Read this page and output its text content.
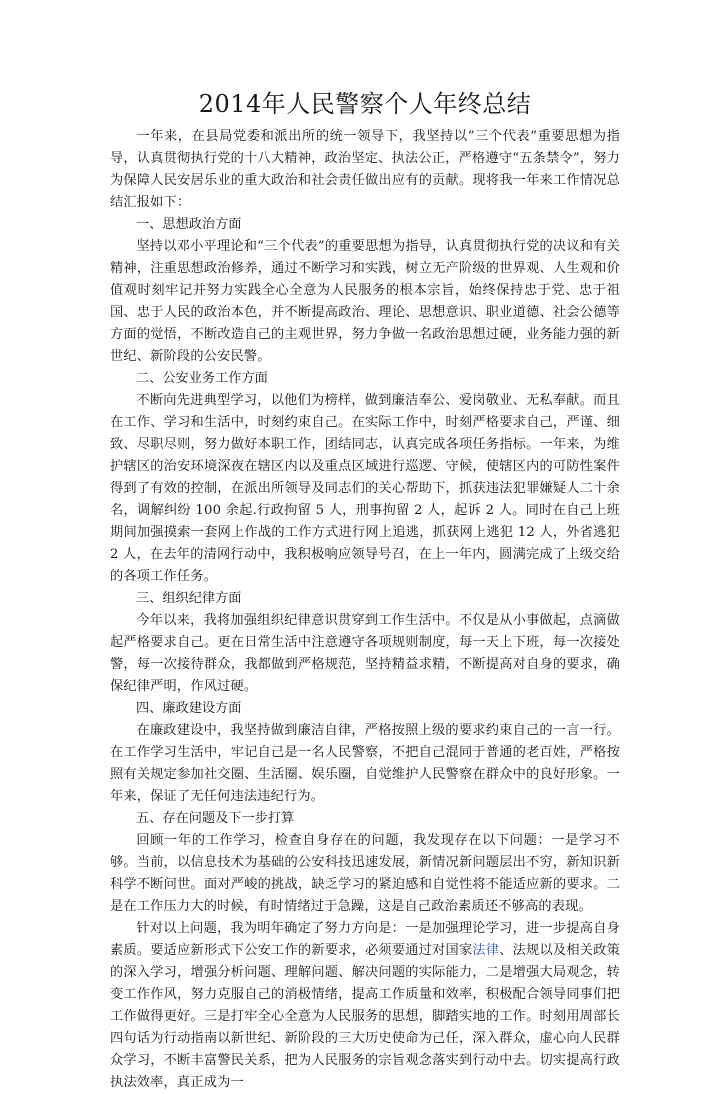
2014年人民警察个人年终总结

一年来，在县局党委和派出所的统一领导下，我坚持以“三个代表”重要思想为指导，认真贯彻执行党的十八大精神，政治坚定、执法公正，严格遵守“五条禁令”，努力为保障人民安居乐业的重大政治和社会责任做出应有的贡献。现将我一年来工作情况总结汇报如下：

一、思想政治方面

坚持以邓小平理论和“三个代表”的重要思想为指导，认真贯彻执行党的决议和有关精神，注重思想政治修养，通过不断学习和实践，树立无产阶级的世界观、人生观和价值观时刻牢记并努力实践全心全意为人民服务的根本宗旨，始终保持忠于党、忠于祖国、忠于人民的政治本色，并不断提高政治、理论、思想意识、职业道德、社会公德等方面的觉悟，不断改造自己的主观世界，努力争做一名政治思想过硬，业务能力强的新世纪、新阶段的公安民警。

二、公安业务工作方面

不断向先进典型学习，以他们为榜样，做到廉洁奉公、爱岗敬业、无私奉献。而且在工作、学习和生活中，时刻约束自己。在实际工作中，时刻严格要求自己，严谨、细致、尽职尽则，努力做好本职工作，团结同志，认真完成各项任务指标。一年来，为维护辖区的治安环境深夜在辖区内以及重点区域进行巡逻、守候，使辖区内的可防性案件得到了有效的控制，在派出所领导及同志们的关心帮助下，抓获违法犯罪嫌疑人二十余名，调解纠纷 100 余起.行政拘留 5 人，刑事拘留 2 人，起诉 2 人。同时在自己上班期间加强摸索一套网上作战的工作方式进行网上追逃，抓获网上逃犯 12 人，外省逃犯 2 人，在去年的清网行动中，我积极响应领导号召，在上一年内，圆满完成了上级交给的各项工作任务。

三、组织纪律方面

今年以来，我将加强组织纪律意识贯穿到工作生活中。不仅是从小事做起，点滴做起严格要求自己。更在日常生活中注意遵守各项规则制度，每一天上下班，每一次接处警，每一次接待群众，我都做到严格规范，坚持精益求精，不断提高对自身的要求，确保纪律严明，作风过硬。

四、廉政建设方面

在廉政建设中，我坚持做到廉洁自律，严格按照上级的要求约束自己的一言一行。在工作学习生活中，牢记自己是一名人民警察，不把自己混同于普通的老百姓，严格按照有关规定参加社交圈、生活圈、娱乐圈，自觉维护人民警察在群众中的良好形象。一年来，保证了无任何违法违纪行为。

五、存在问题及下一步打算

回顾一年的工作学习，检查自身存在的问题，我发现存在以下问题：一是学习不够。当前，以信息技术为基础的公安科技迅速发展，新情况新问题层出不穷，新知识新科学不断问世。面对严峻的挑战，缺乏学习的紧迫感和自觉性将不能适应新的要求。二是在工作压力大的时候，有时情绪过于急躁，这是自己政治素质还不够高的表现。

针对以上问题，我为明年确定了努力方向是：一是加强理论学习，进一步提高自身素质。要适应新形式下公安工作的新要求，必须要通过对国家法律、法规以及相关政策的深入学习，增强分析问题、理解问题、解决问题的实际能力，二是增强大局观念，转变工作作风，努力克服自己的消极情绪，提高工作质量和效率，积极配合领导同事们把工作做得更好。三是打牢全心全意为人民服务的思想，脚踏实地的工作。时刻用周部长四句话为行动指南以新世纪、新阶段的三大历史使命为己任，深入群众，虚心向人民群众学习，不断丰富警民关系，把为人民服务的宗旨观念落实到行动中去。切实提高行政执法效率，真正成为一
